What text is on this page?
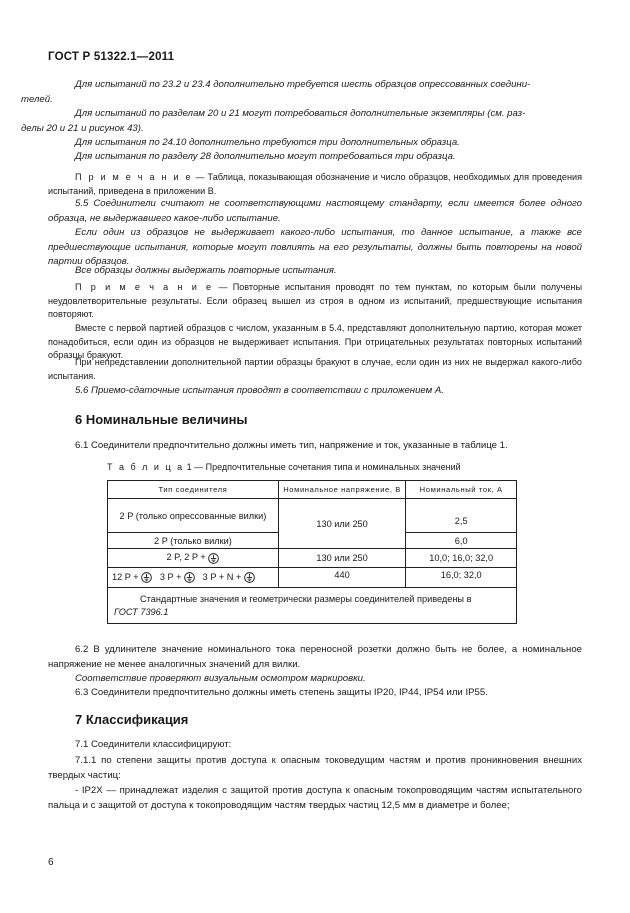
ГОСТ Р 51322.1—2011

Для испытаний по 23.2 и 23.4 дополнительно требуется шесть образцов опрессованных соедини-
телей.

Для испытаний по разделам 20 и 21 могут потребоваться дополнительные экземпляры (см. раз-
делы 20 и 21 и рисунок 43).

Для испытания по 24.10 дополнительно требуются три дополнительных образца.

Для испытания по разделу 28 дополнительно могут потребоваться три образца.

П р и м е ч а н и е — Таблица, показывающая обозначение и число образцов, необходимых для проведения испытаний, приведена в приложении В.

5.5 Соединители считают не соответствующими настоящему стандарту, если имеется более одного образца, не выдержавшего какое-либо испытание.

Если один из образцов не выдерживает какого-либо испытания, то данное испытание, а также все предшествующие испытания, которые могут повлиять на его результаты, должны быть повторены на новой партии образцов.

Все образцы должны выдержать повторные испытания.

П р и м е ч а н и е — Повторные испытания проводят по тем пунктам, по которым были получены неудовлетворительные результаты. Если образец вышел из строя в одном из испытаний, предшествующие испытания повторяют.

Вместе с первой партией образцов с числом, указанным в 5.4, представляют дополнительную партию, которая может понадобиться, если один из образцов не выдерживает испытания. При отрицательных результатах повторных испытаний образцы бракуют.

При непредставлении дополнительной партии образцы бракуют в случае, если один из них не выдержал какого-либо испытания.

5.6 Приемо-сдаточные испытания проводят в соответствии с приложением А.

6 Номинальные величины

6.1 Соединители предпочтительно должны иметь тип, напряжение и ток, указанные в таблице 1.

Т а б л и ц а 1 — Предпочтительные сочетания типа и номинальных значений
Тип соединителя	Номинальное напряжение, В	Номинальный ток, А
2 P (только опрессованные вилки)	130 или 250	2,5
2 P (только вилки)		6,0
2 P, 2 P +	130 или 250	10,0; 16,0; 32,0
12 P + 3 P + 3 P + N +	440	16,0; 32,0
Стандартные значения и геометрически размеры соединителей приведены в
ГОСТ 7396.1		

6.2 В удлинителе значение номинального тока переносной розетки должно быть не более, а номинальное напряжение не менее аналогичных значений для вилки.

Соответствие проверяют визуальным осмотром маркировки.

6.3 Соединители предпочтительно должны иметь степень защиты IP20, IP44, IP54 или IP55.

7 Классификация

7.1 Соединители классифицируют:

7.1.1 по степени защиты против доступа к опасным токоведущим частям и против проникновения внешних твердых частиц:

- IP2X — принадлежат изделия с защитой против доступа к опасным токопроводящим частям испытательного пальца и с защитой от доступа к токопроводящим частям твердых частиц 12,5 мм в диаметре и более;

6
